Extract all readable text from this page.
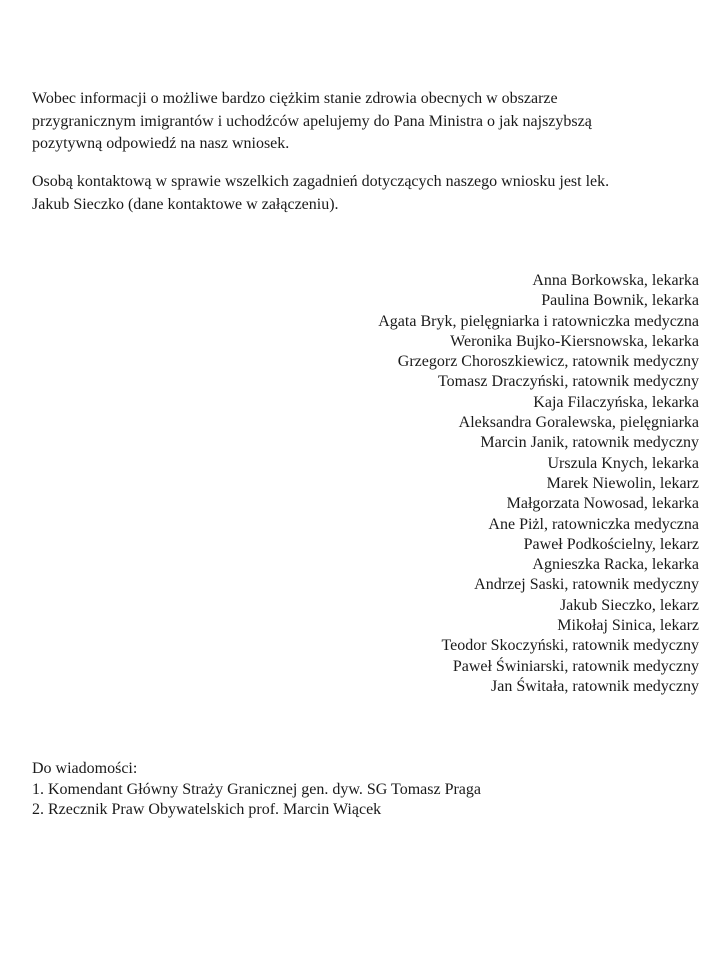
Wobec informacji o możliwe bardzo ciężkim stanie zdrowia obecnych w obszarze
przygranicznym imigrantów i uchodźców apelujemy do Pana Ministra o jak najszybszą
pozytywną odpowiedź na nasz wniosek.
Osobą kontaktową w sprawie wszelkich zagadnień dotyczących naszego wniosku jest lek.
Jakub Sieczko (dane kontaktowe w załączeniu).
Anna Borkowska, lekarka
Paulina Bownik, lekarka
Agata Bryk, pielęgniarka i ratowniczka medyczna
Weronika Bujko-Kiersnowska, lekarka
Grzegorz Choroszkiewicz, ratownik medyczny
Tomasz Draczyński, ratownik medyczny
Kaja Filaczyńska, lekarka
Aleksandra Goralewska, pielęgniarka
Marcin Janik, ratownik medyczny
Urszula Knych, lekarka
Marek Niewolin, lekarz
Małgorzata Nowosad, lekarka
Ane Piżl, ratowniczka medyczna
Paweł Podkościelny, lekarz
Agnieszka Racka, lekarka
Andrzej Saski, ratownik medyczny
Jakub Sieczko, lekarz
Mikołaj Sinica, lekarz
Teodor Skoczyński, ratownik medyczny
Paweł Świniarski, ratownik medyczny
Jan Świtała, ratownik medyczny
Do wiadomości:
1. Komendant Główny Straży Granicznej gen. dyw. SG Tomasz Praga
2. Rzecznik Praw Obywatelskich prof. Marcin Wiącek
